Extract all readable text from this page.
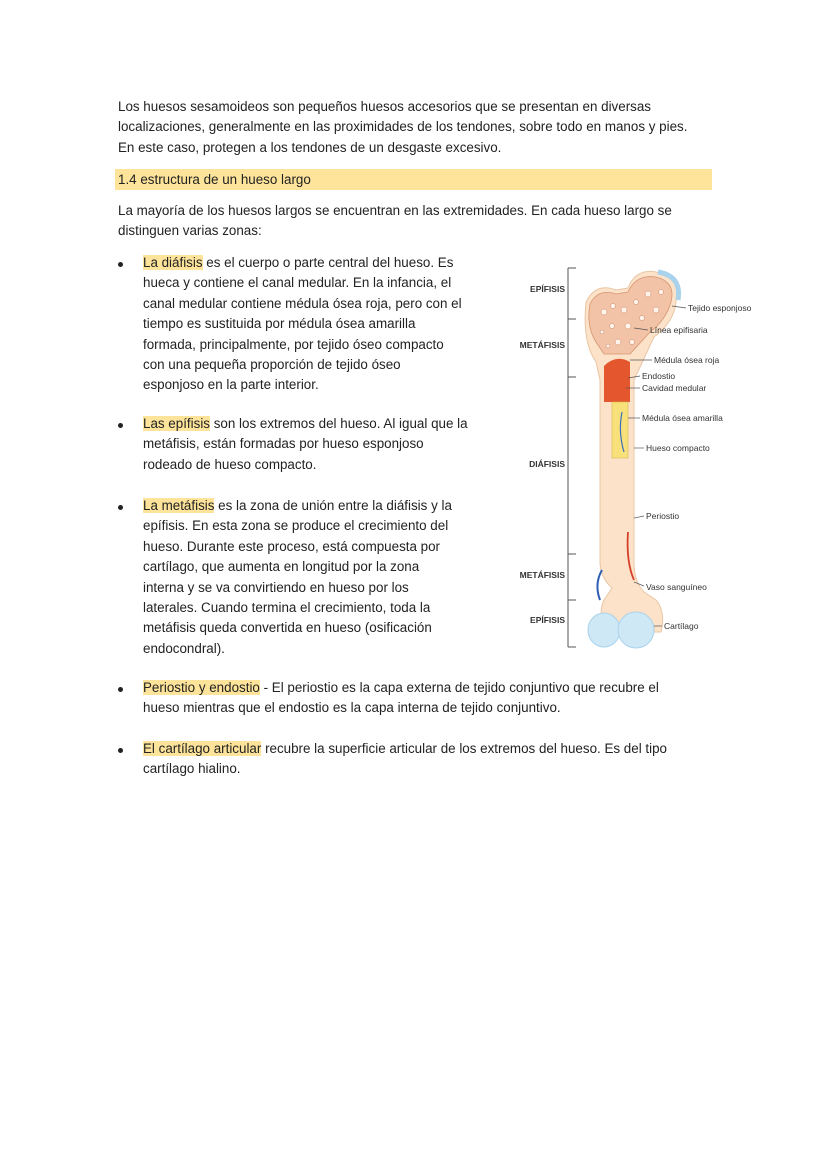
Los huesos sesamoideos son pequeños huesos accesorios que se presentan en diversas
localizaciones, generalmente en las proximidades de los tendones, sobre todo en manos y pies.
En este caso, protegen a los tendones de un desgaste excesivo.

1.4 estructura de un hueso largo

La mayoría de los huesos largos se encuentran en las extremidades. En cada hueso largo se
distinguen varias zonas:

La diáfisis es el cuerpo o parte central del hueso. Es
hueca y contiene el canal medular. En la infancia, el
canal medular contiene médula ósea roja, pero con el
tiempo es sustituida por médula ósea amarilla
formada, principalmente, por tejido óseo compacto
con una pequeña proporción de tejido óseo
esponjoso en la parte interior.

Las epífisis son los extremos del hueso. Al igual que la
metáfisis, están formadas por hueso esponjoso
rodeado de hueso compacto.

La metáfisis es la zona de unión entre la diáfisis y la
epífisis. En esta zona se produce el crecimiento del
hueso. Durante este proceso, está compuesta por
cartílago, que aumenta en longitud por la zona
interna y se va convirtiendo en hueso por los
laterales. Cuando termina el crecimiento, toda la
metáfisis queda convertida en hueso (osificación
endocondral).

Periostio y endostio - El periostio es la capa externa de tejido conjuntivo que recubre el
hueso mientras que el endostio es la capa interna de tejido conjuntivo.

El cartílago articular recubre la superficie articular de los extremos del hueso. Es del tipo
cartílago hialino.

EPÍFISIS
METÁFISIS
DIÁFISIS
METÁFISIS
EPÍFISIS
Tejido esponjoso
Línea epifisaria
Médula ósea roja
Endostio
Cavidad medular
Médula ósea amarilla
Hueso compacto
Periostio
Vaso sanguíneo
Cartílago
